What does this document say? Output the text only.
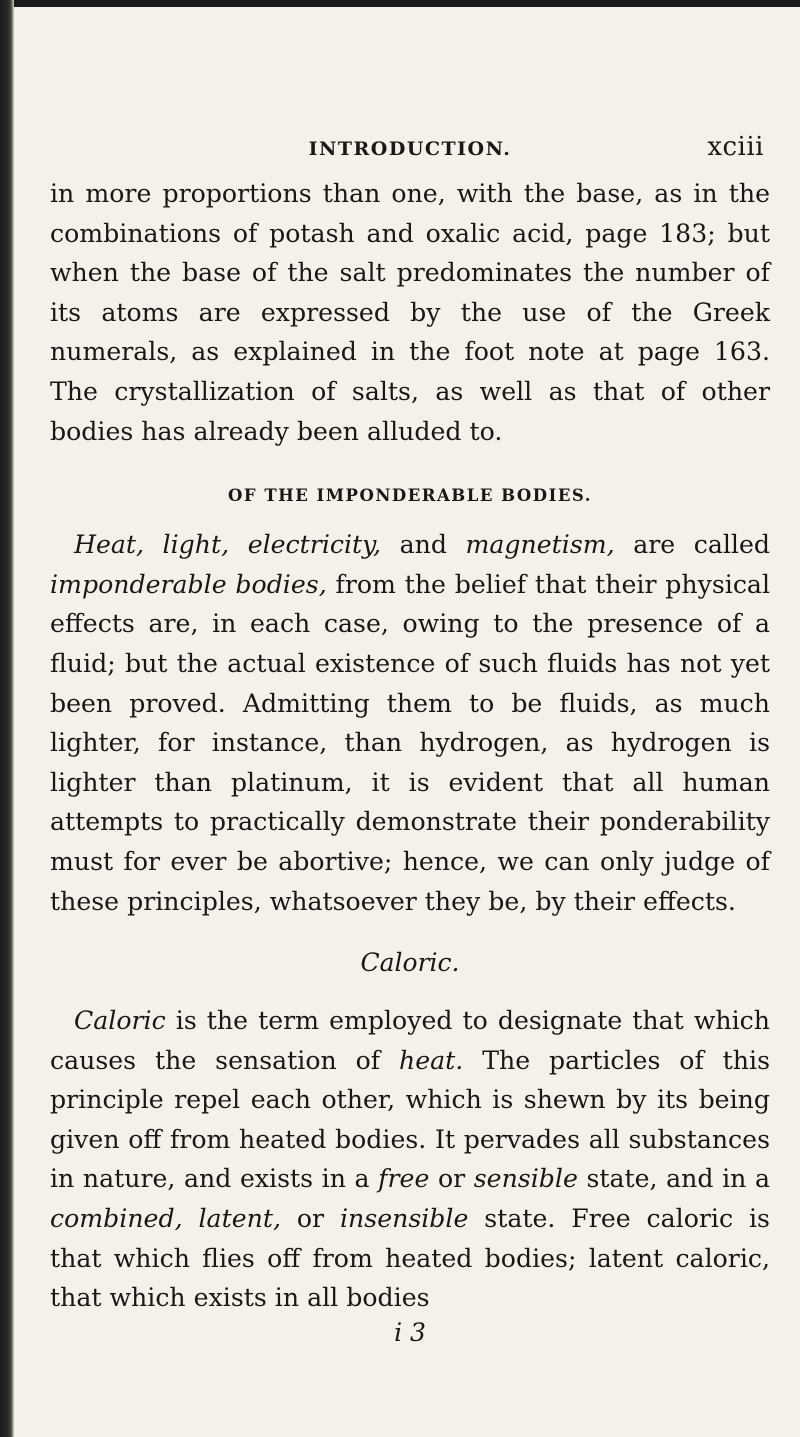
INTRODUCTION.	xciii

in more proportions than one, with the base, as in the combinations of potash and oxalic acid, page 183; but when the base of the salt predominates the number of its atoms are expressed by the use of the Greek numerals, as explained in the foot note at page 163. The crystallization of salts, as well as that of other bodies has already been alluded to.

OF THE IMPONDERABLE BODIES.

Heat, light, electricity, and magnetism, are called imponderable bodies, from the belief that their physical effects are, in each case, owing to the presence of a fluid; but the actual existence of such fluids has not yet been proved. Admitting them to be fluids, as much lighter, for instance, than hydrogen, as hydrogen is lighter than platinum, it is evident that all human attempts to practically demonstrate their ponderability must for ever be abortive; hence, we can only judge of these principles, whatsoever they be, by their effects.

Caloric.

Caloric is the term employed to designate that which causes the sensation of heat. The particles of this principle repel each other, which is shewn by its being given off from heated bodies. It pervades all substances in nature, and exists in a free or sensible state, and in a combined, latent, or insensible state. Free caloric is that which flies off from heated bodies; latent caloric, that which exists in all bodies

i 3
